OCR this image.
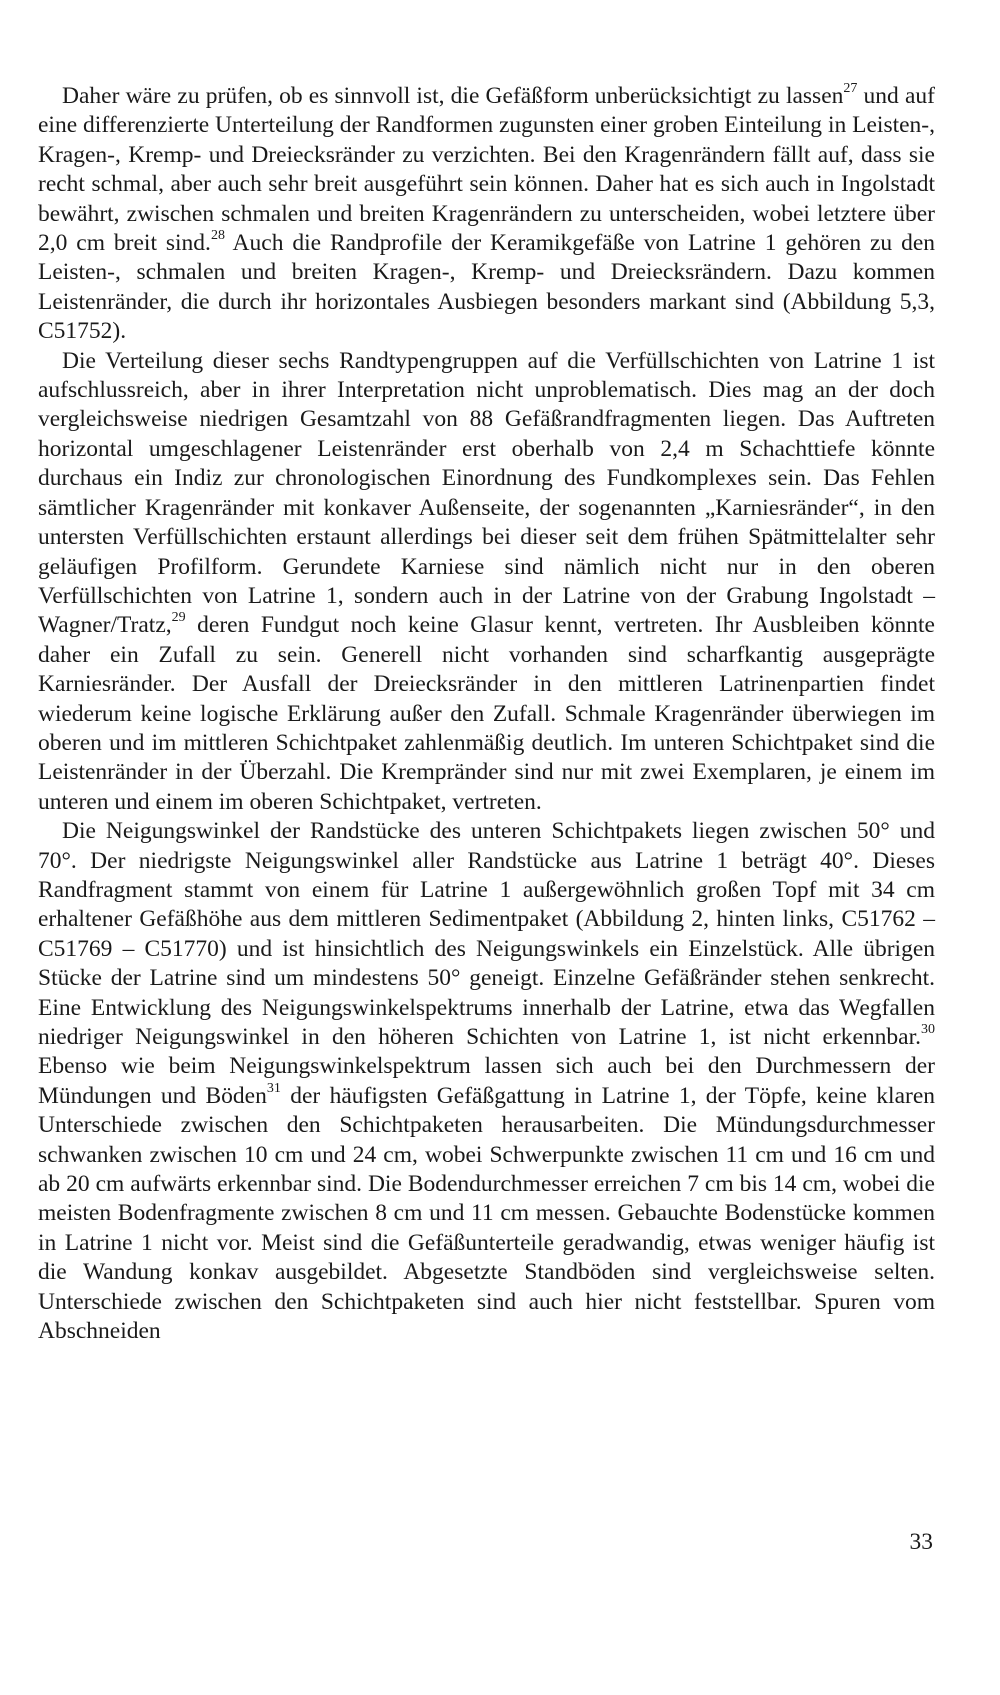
Daher wäre zu prüfen, ob es sinnvoll ist, die Gefäßform unberücksichtigt zu lassen$^{27}$ und auf eine differenzierte Unterteilung der Randformen zugunsten einer groben Einteilung in Leisten-, Kragen-, Kremp- und Dreiecksränder zu verzichten. Bei den Kragenrändern fällt auf, dass sie recht schmal, aber auch sehr breit ausgeführt sein können. Daher hat es sich auch in Ingolstadt bewährt, zwischen schmalen und breiten Kragenrändern zu unterscheiden, wobei letztere über 2,0 cm breit sind.$^{28}$ Auch die Randprofile der Keramikgefäße von Latrine 1 gehören zu den Leisten-, schmalen und breiten Kragen-, Kremp- und Dreiecksrändern. Dazu kommen Leistenränder, die durch ihr horizontales Ausbiegen besonders markant sind (Abbildung 5,3, C51752).

Die Verteilung dieser sechs Randtypengruppen auf die Verfüllschichten von Latrine 1 ist aufschlussreich, aber in ihrer Interpretation nicht unproblematisch. Dies mag an der doch vergleichsweise niedrigen Gesamtzahl von 88 Gefäßrandfragmenten liegen. Das Auftreten horizontal umgeschlagener Leistenränder erst oberhalb von 2,4 m Schachttiefe könnte durchaus ein Indiz zur chronologischen Einordnung des Fundkomplexes sein. Das Fehlen sämtlicher Kragenränder mit konkaver Außenseite, der sogenannten „Karniesränder“, in den untersten Verfüllschichten erstaunt allerdings bei dieser seit dem frühen Spätmittelalter sehr geläufigen Profilform. Gerundete Karniese sind nämlich nicht nur in den oberen Verfüllschichten von Latrine 1, sondern auch in der Latrine von der Grabung Ingolstadt – Wagner/Tratz,$^{29}$ deren Fundgut noch keine Glasur kennt, vertreten. Ihr Ausbleiben könnte daher ein Zufall zu sein. Generell nicht vorhanden sind scharfkantig ausgeprägte Karniesränder. Der Ausfall der Dreiecksränder in den mittleren Latrinenpartien findet wiederum keine logische Erklärung außer den Zufall. Schmale Kragenränder überwiegen im oberen und im mittleren Schichtpaket zahlenmäßig deutlich. Im unteren Schichtpaket sind die Leistenränder in der Überzahl. Die Krempränder sind nur mit zwei Exemplaren, je einem im unteren und einem im oberen Schichtpaket, vertreten.

Die Neigungswinkel der Randstücke des unteren Schichtpakets liegen zwischen 50° und 70°. Der niedrigste Neigungswinkel aller Randstücke aus Latrine 1 beträgt 40°. Dieses Randfragment stammt von einem für Latrine 1 außergewöhnlich großen Topf mit 34 cm erhaltener Gefäßhöhe aus dem mittleren Sedimentpaket (Abbildung 2, hinten links, C51762 – C51769 – C51770) und ist hinsichtlich des Neigungswinkels ein Einzelstück. Alle übrigen Stücke der Latrine sind um mindestens 50° geneigt. Einzelne Gefäßränder stehen senkrecht. Eine Entwicklung des Neigungswinkelspektrums innerhalb der Latrine, etwa das Wegfallen niedriger Neigungswinkel in den höheren Schichten von Latrine 1, ist nicht erkennbar.$^{30}$ Ebenso wie beim Neigungswinkelspektrum lassen sich auch bei den Durchmessern der Mündungen und Böden$^{31}$ der häufigsten Gefäßgattung in Latrine 1, der Töpfe, keine klaren Unterschiede zwischen den Schichtpaketen herausarbeiten. Die Mündungsdurchmesser schwanken zwischen 10 cm und 24 cm, wobei Schwerpunkte zwischen 11 cm und 16 cm und ab 20 cm aufwärts erkennbar sind. Die Bodendurchmesser erreichen 7 cm bis 14 cm, wobei die meisten Bodenfragmente zwischen 8 cm und 11 cm messen. Gebauchte Bodenstücke kommen in Latrine 1 nicht vor. Meist sind die Gefäßunterteile geradwandig, etwas weniger häufig ist die Wandung konkav ausgebildet. Abgesetzte Standböden sind vergleichsweise selten. Unterschiede zwischen den Schichtpaketen sind auch hier nicht feststellbar. Spuren vom Abschneiden

33
